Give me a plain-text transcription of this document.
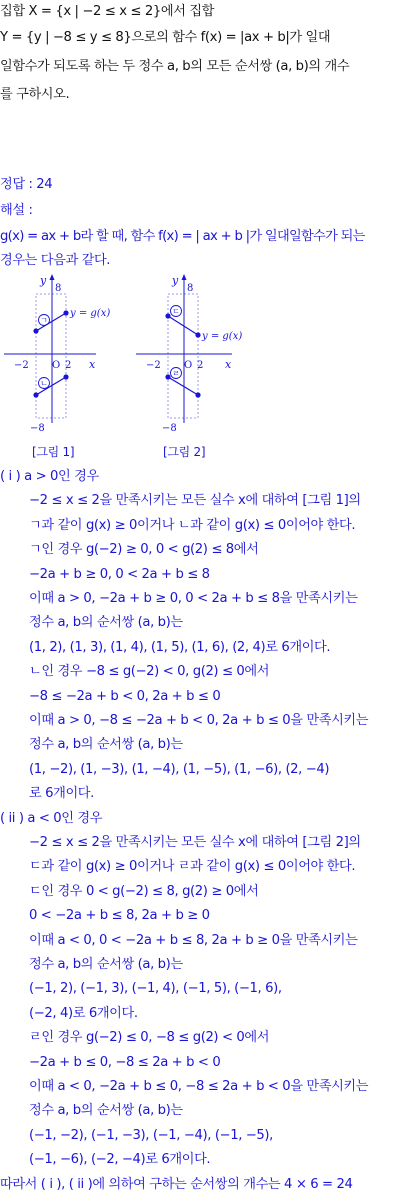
집합 X = {x | −2 ≤ x ≤ 2}에서 집합
Y = {y | −8 ≤ y ≤ 8}으로의 함수 f(x) = |ax + b|가 일대
일함수가 되도록 하는 두 정수 a, b의 모든 순서쌍 (a, b)의 개수
를 구하시오.
정답 : 24
해설 :
g(x) = ax + b라 할 때, 함수 f(x) = | ax + b |가 일대일함수가 되는
경우는 다음과 같다.
ㄱ
ㄴ
y
8
y = g(x)
−2 O 2 x
−8
[그림 1]
ㄷ
ㄹ
y
8
y = g(x)
−2 O 2 x
−8
[그림 2]
( i ) a > 0인 경우
−2 ≤ x ≤ 2을 만족시키는 모든 실수 x에 대하여 [그림 1]의
ㄱ과 같이 g(x) ≥ 0이거나 ㄴ과 같이 g(x) ≤ 0이어야 한다.
ㄱ인 경우 g(−2) ≥ 0, 0 < g(2) ≤ 8에서
−2a + b ≥ 0, 0 < 2a + b ≤ 8
이때 a > 0, −2a + b ≥ 0, 0 < 2a + b ≤ 8을 만족시키는
정수 a, b의 순서쌍 (a, b)는
(1, 2), (1, 3), (1, 4), (1, 5), (1, 6), (2, 4)로 6개이다.
ㄴ인 경우 −8 ≤ g(−2) < 0, g(2) ≤ 0에서
−8 ≤ −2a + b < 0, 2a + b ≤ 0
이때 a > 0, −8 ≤ −2a + b < 0, 2a + b ≤ 0을 만족시키는
정수 a, b의 순서쌍 (a, b)는
(1, −2), (1, −3), (1, −4), (1, −5), (1, −6), (2, −4)
로 6개이다.
( ii ) a < 0인 경우
−2 ≤ x ≤ 2을 만족시키는 모든 실수 x에 대하여 [그림 2]의
ㄷ과 같이 g(x) ≥ 0이거나 ㄹ과 같이 g(x) ≤ 0이어야 한다.
ㄷ인 경우 0 < g(−2) ≤ 8, g(2) ≥ 0에서
0 < −2a + b ≤ 8, 2a + b ≥ 0
이때 a < 0, 0 < −2a + b ≤ 8, 2a + b ≥ 0을 만족시키는
정수 a, b의 순서쌍 (a, b)는
(−1, 2), (−1, 3), (−1, 4), (−1, 5), (−1, 6),
(−2, 4)로 6개이다.
ㄹ인 경우 g(−2) ≤ 0, −8 ≤ g(2) < 0에서
−2a + b ≤ 0, −8 ≤ 2a + b < 0
이때 a < 0, −2a + b ≤ 0, −8 ≤ 2a + b < 0을 만족시키는
정수 a, b의 순서쌍 (a, b)는
(−1, −2), (−1, −3), (−1, −4), (−1, −5),
(−1, −6), (−2, −4)로 6개이다.
따라서 ( i ), ( ii )에 의하여 구하는 순서쌍의 개수는 4 × 6 = 24
